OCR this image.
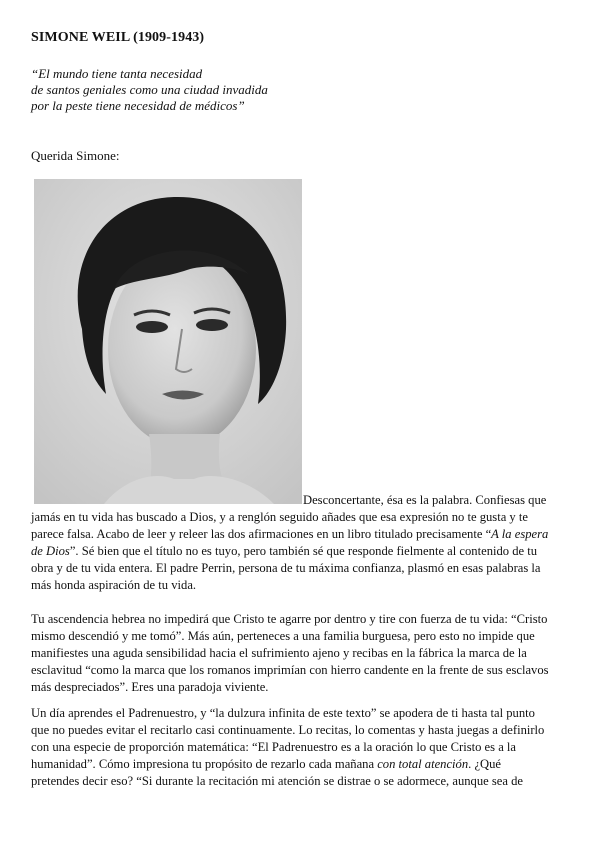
SIMONE WEIL (1909-1943)
“El mundo tiene tanta necesidad
de santos geniales como una ciudad invadida
por la peste tiene necesidad de médicos”
Querida Simone:
Desconcertante, ésa es la palabra. Confiesas que
jamás en tu vida has buscado a Dios, y a renglón seguido añades que esa expresión no te gusta y te
parece falsa. Acabo de leer y releer las dos afirmaciones en un libro titulado precisamente “A la espera
de Dios”. Sé bien que el título no es tuyo, pero también sé que responde fielmente al contenido de tu
obra y de tu vida entera. El padre Perrin, persona de tu máxima confianza, plasmó en esas palabras la
más honda aspiración de tu vida.
Tu ascendencia hebrea no impedirá que Cristo te agarre por dentro y tire con fuerza de tu vida: “Cristo
mismo descendió y me tomó”. Más aún, perteneces a una familia burguesa, pero esto no impide que
manifiestes una aguda sensibilidad hacia el sufrimiento ajeno y recibas en la fábrica la marca de la
esclavitud “como la marca que los romanos imprimían con hierro candente en la frente de sus esclavos
más despreciados”. Eres una paradoja viviente.
Un día aprendes el Padrenuestro, y “la dulzura infinita de este texto” se apodera de ti hasta tal punto
que no puedes evitar el recitarlo casi continuamente. Lo recitas, lo comentas y hasta juegas a definirlo
con una especie de proporción matemática: “El Padrenuestro es a la oración lo que Cristo es a la
humanidad”. Cómo impresiona tu propósito de rezarlo cada mañana con total atención. ¿Qué
pretendes decir eso? “Si durante la recitación mi atención se distrae o se adormece, aunque sea de
